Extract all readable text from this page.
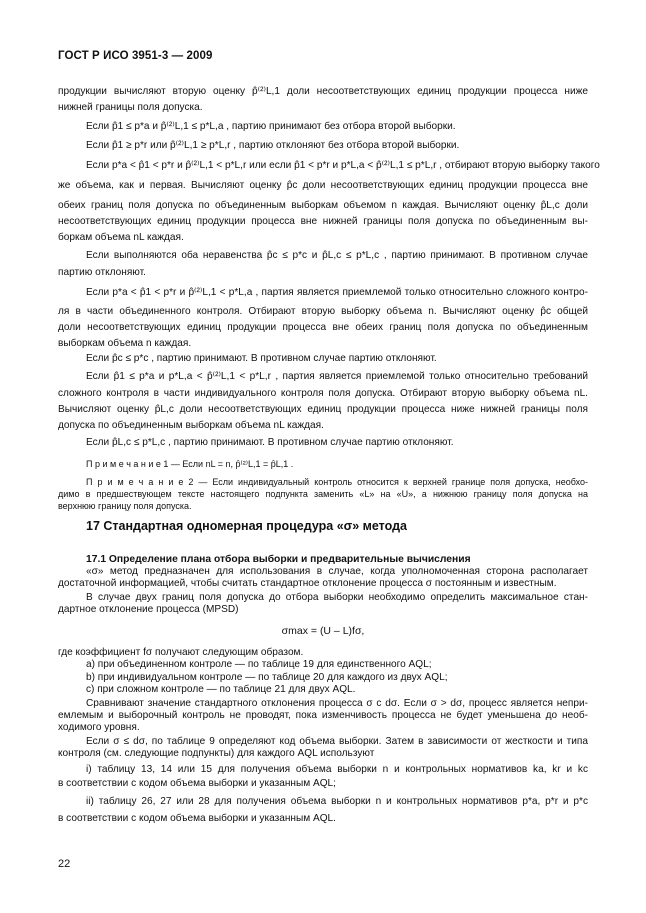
ГОСТ Р ИСО 3951-3 — 2009
продукции вычисляют вторую оценку p̂⁽²⁾L,1 доли несоответствующих единиц продукции процесса ниже
нижней границы поля допуска.
Если p̂1 ≤ p*a и p̂⁽²⁾L,1 ≤ p*L,a , партию принимают без отбора второй выборки.
Если p̂1 ≥ p*r или p̂⁽²⁾L,1 ≥ p*L,r , партию отклоняют без отбора второй выборки.
Если p*a < p̂1 < p*r и p̂⁽²⁾L,1 < p*L,r или если p̂1 < p*r и p*L,a < p̂⁽²⁾L,1 ≤ p*L,r , отбирают вторую выборку такого
же объема, как и первая. Вычисляют оценку p̂c доли несоответствующих единиц продукции процесса вне
обеих границ поля допуска по объединенным выборкам объемом n каждая. Вычисляют оценку p̂L,c доли
несоответствующих единиц продукции процесса вне нижней границы поля допуска по объединенным вы-
боркам объема nL каждая.
Если выполняются оба неравенства p̂c ≤ p*c и p̂L,c ≤ p*L,c , партию принимают. В противном случае
партию отклоняют.
Если p*a < p̂1 < p*r и p̂⁽²⁾L,1 < p*L,a , партия является приемлемой только относительно сложного контро-
ля в части объединенного контроля. Отбирают вторую выборку объема n. Вычисляют оценку p̂c общей
доли несоответствующих единиц продукции процесса вне обеих границ поля допуска по объединенным
выборкам объема n каждая.
Если p̂c ≤ p*c , партию принимают. В противном случае партию отклоняют.
Если p̂1 ≤ p*a и p*L,a < p̂⁽²⁾L,1 < p*L,r , партия является приемлемой только относительно требований
сложного контроля в части индивидуального контроля поля допуска. Отбирают вторую выборку объема nL.
Вычисляют оценку p̂L,c доли несоответствующих единиц продукции процесса ниже нижней границы поля
допуска по объединенным выборкам объема nL каждая.
Если p̂L,c ≤ p*L,c , партию принимают. В противном случае партию отклоняют.
П р и м е ч а н и е 1 — Если nL = n, p̂⁽²⁾L,1 = p̂L,1 .
П р и м е ч а н и е 2 — Если индивидуальный контроль относится к верхней границе поля допуска, необхо-
димо в предшествующем тексте настоящего подпункта заменить «L» на «U», а нижнюю границу поля допуска на
верхнюю границу поля допуска.
17 Стандартная одномерная процедура «σ» метода
17.1 Определение плана отбора выборки и предварительные вычисления
«σ» метод предназначен для использования в случае, когда уполномоченная сторона располагает
достаточной информацией, чтобы считать стандартное отклонение процесса σ постоянным и известным.
В случае двух границ поля допуска до отбора выборки необходимо определить максимальное стан-
дартное отклонение процесса (MPSD)
σmax = (U – L)fσ,
где коэффициент fσ получают следующим образом.
a) при объединенном контроле — по таблице 19 для единственного AQL;
b) при индивидуальном контроле — по таблице 20 для каждого из двух AQL;
c) при сложном контроле — по таблице 21 для двух AQL.
Сравнивают значение стандартного отклонения процесса σ с dσ. Если σ > dσ, процесс является непри-
емлемым и выборочный контроль не проводят, пока изменчивость процесса не будет уменьшена до необ-
ходимого уровня.
Если σ ≤ dσ, по таблице 9 определяют код объема выборки. Затем в зависимости от жесткости и типа
контроля (см. следующие подпункты) для каждого AQL используют
i) таблицу 13, 14 или 15 для получения объема выборки n и контрольных нормативов ka, kr и kc
в соответствии с кодом объема выборки и указанным AQL;
ii) таблицу 26, 27 или 28 для получения объема выборки n и контрольных нормативов p*a, p*r и p*c
в соответствии с кодом объема выборки и указанным AQL.
22
